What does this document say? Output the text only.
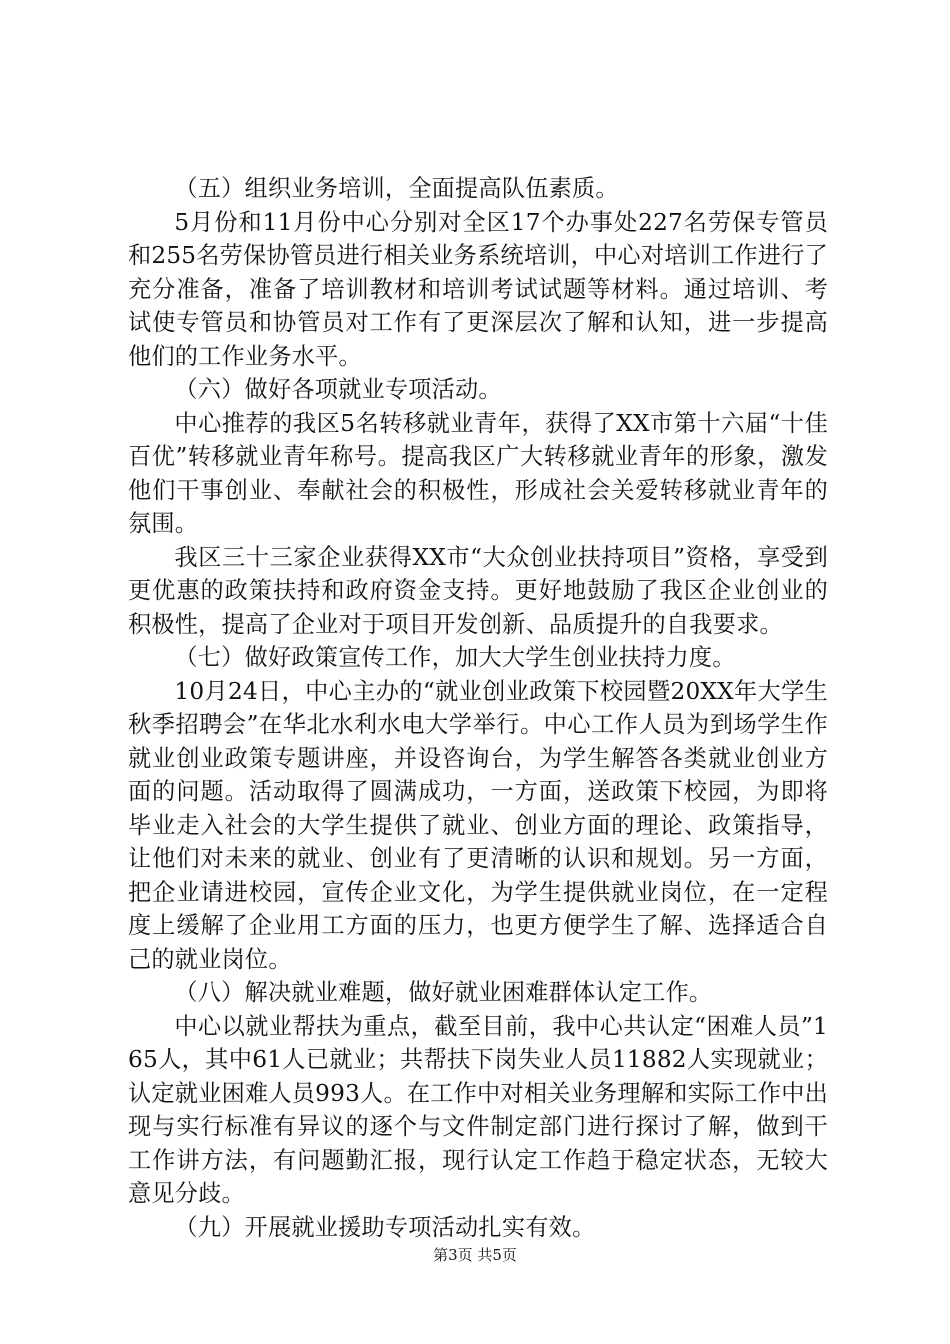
（五）组织业务培训，全面提高队伍素质。

5月份和11月份中心分别对全区17个办事处227名劳保专管员和255名劳保协管员进行相关业务系统培训，中心对培训工作进行了充分准备，准备了培训教材和培训考试试题等材料。通过培训、考试使专管员和协管员对工作有了更深层次了解和认知，进一步提高他们的工作业务水平。

（六）做好各项就业专项活动。

中心推荐的我区5名转移就业青年，获得了XX市第十六届“十佳百优”转移就业青年称号。提高我区广大转移就业青年的形象，激发他们干事创业、奉献社会的积极性，形成社会关爱转移就业青年的氛围。

我区三十三家企业获得XX市“大众创业扶持项目”资格，享受到更优惠的政策扶持和政府资金支持。更好地鼓励了我区企业创业的积极性，提高了企业对于项目开发创新、品质提升的自我要求。

（七）做好政策宣传工作，加大大学生创业扶持力度。

10月24日，中心主办的“就业创业政策下校园暨20XX年大学生秋季招聘会”在华北水利水电大学举行。中心工作人员为到场学生作就业创业政策专题讲座，并设咨询台，为学生解答各类就业创业方面的问题。活动取得了圆满成功，一方面，送政策下校园，为即将毕业走入社会的大学生提供了就业、创业方面的理论、政策指导，让他们对未来的就业、创业有了更清晰的认识和规划。另一方面，把企业请进校园，宣传企业文化，为学生提供就业岗位，在一定程度上缓解了企业用工方面的压力，也更方便学生了解、选择适合自己的就业岗位。

（八）解决就业难题，做好就业困难群体认定工作。

中心以就业帮扶为重点，截至目前，我中心共认定“困难人员”165人，其中61人已就业；共帮扶下岗失业人员11882人实现就业；认定就业困难人员993人。在工作中对相关业务理解和实际工作中出现与实行标准有异议的逐个与文件制定部门进行探讨了解，做到干工作讲方法，有问题勤汇报，现行认定工作趋于稳定状态，无较大意见分歧。

（九）开展就业援助专项活动扎实有效。

第3页 共5页
